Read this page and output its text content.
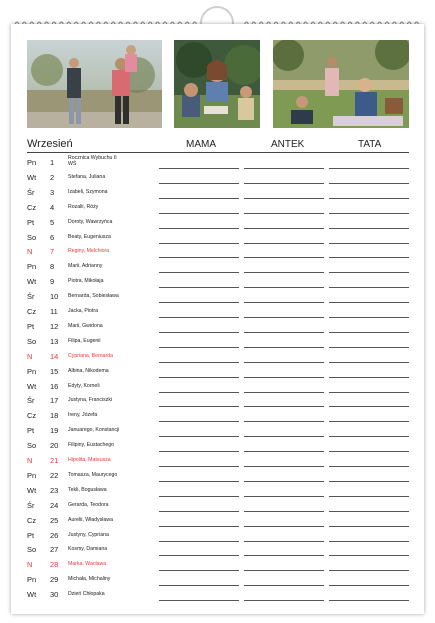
Wrzesień	MAMA	ANTEK	TATA
Pn 1	Rocznica Wybuchu II WŚ
Wt 2	Stefana, Juliana
Śr 3	Izabeli, Szymona
Cz 4	Rozalii, Róży
Pt 5	Doroty, Wawrzyńca
So 6	Beaty, Eugeniusza
N 7	Reginy, Melchiora
Pn 8	Marii, Adrianny
Wt 9	Piotra, Mikołaja
Śr 10 Bernarda, Sobiesława
Cz 11 Jacka, Piotra
Pt 12 Marii, Gwidona
So 13 Filipa, Eugenii
N 14 Cypriana, Bernarda
Pn 15 Albina, Nikodema
Wt 16 Edyty, Korneli
Śr 17 Justyna, Franciszki
Cz 18 Ireny, Józefa
Pt 19 Januarego, Konstancji
So 20 Filipiny, Eustachego
N 21 Hipolita, Mateusza
Pn 22 Tomasza, Maurycego
Wt 23 Tekli, Bogusława
Śr 24 Gerarda, Teodora
Cz 25 Aurelii, Władysława
Pt 26 Justyny, Cypriana
So 27 Kosmy, Damiana
N 28 Marka, Wacława
Pn 29 Michała, Michaliny
Wt 30 Dzień Chłopaka
